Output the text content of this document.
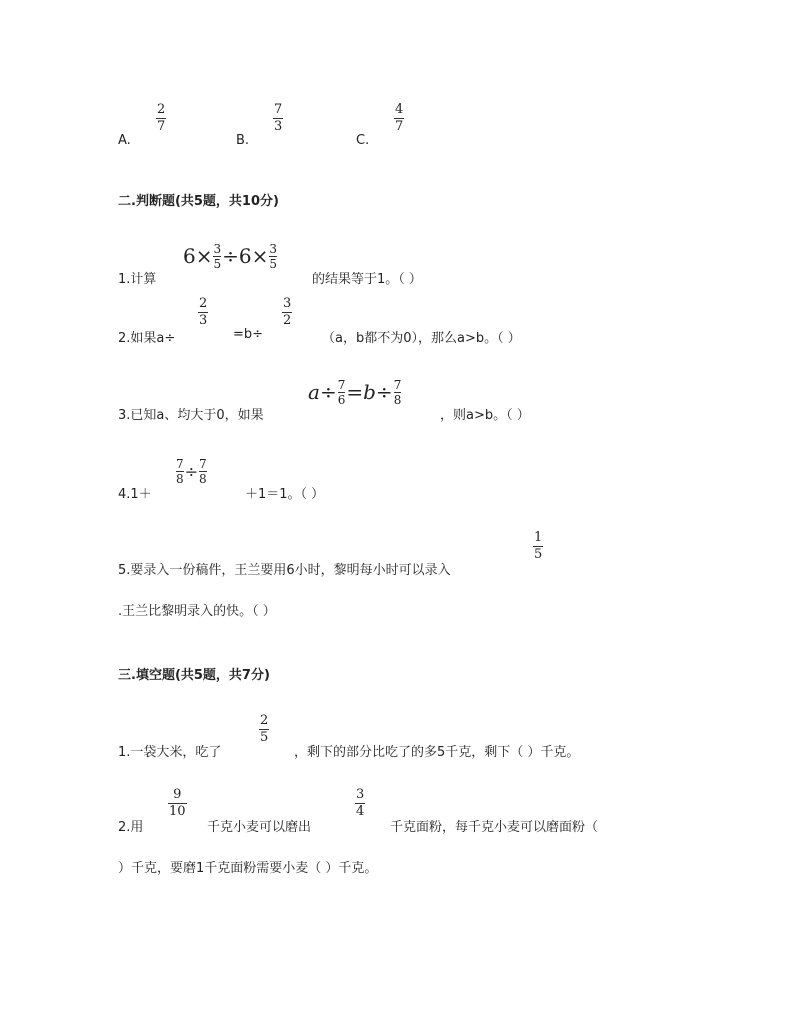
A.
2
7
B.
7
3
C.
4
7
二.判断题(共5题，共10分)
1.计算
6× 3
5 ÷6× 3
5
的结果等于1。（ ）
2.如果a÷
2
3
=b÷
3
2
（a，b都不为0），那么a>b。（ ）
3.已知a、均大于0，如果
a ÷ 7
6 = b ÷ 7
8
，则a>b。（ ）
4.1＋
7
8 ÷ 7
8
＋1＝1。（ ）
5.要录入一份稿件，王兰要用6小时，黎明每小时可以录入
1
5
.王兰比黎明录入的快。（ ）
三.填空题(共5题，共7分)
1.一袋大米，吃了
2
5
，剩下的部分比吃了的多5千克，剩下（ ）千克。
2.用
9
10
千克小麦可以磨出
3
4
千克面粉，每千克小麦可以磨面粉（
）千克，要磨1千克面粉需要小麦（ ）千克。
